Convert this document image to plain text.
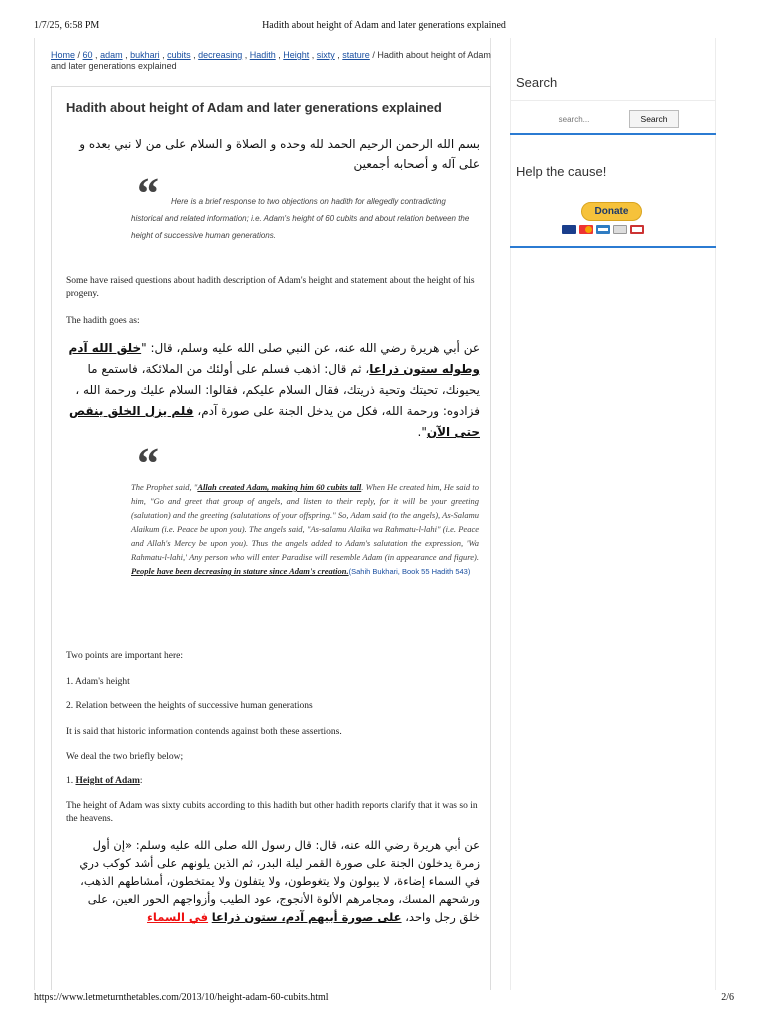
1/7/25, 6:58 PM	Hadith about height of Adam and later generations explained
Home / 60 , adam , bukhari , cubits , decreasing , Hadith , Height , sixty , stature / Hadith about height of Adam and later generations explained
Hadith about height of Adam and later generations explained
بسم الله الرحمن الرحيم الحمد لله وحده و الصلاة و السلام على من لا نبي بعده و على آله و أصحابه أجمعين
“	Here is a brief response to two objections on hadith for allegedly contradicting
historical and related information; i.e. Adam's height of 60 cubits and about relation between the
height of successive human generations.

Some have raised questions about hadith description of Adam's height and statement about the height of his progeny.

The hadith goes as:

عن أبي هريرة رضي الله عنه، عن النبي صلى الله عليه وسلم، قال: "خلق الله آدم وطوله ستون ذراعا، ثم قال: اذهب فسلم على أولئك من الملائكة، فاستمع ما يحيونك، تحيتك وتحية ذريتك، فقال السلام عليكم، فقالوا: السلام عليك ورحمة الله ، فزادوه: ورحمة الله، فكل من يدخل الجنة على صورة آدم، فلم يزل الخلق ينقص حتى الآن".
“
The Prophet said, "Allah created Adam, making him 60 cubits tall. When He created him, He said to him, "Go and greet that group of angels, and listen to their reply, for it will be your greeting (salutation) and the greeting (salutations of your offspring." So, Adam said (to the angels), As-Salamu Alaikum (i.e. Peace be upon you). The angels said, "As-salamu Alaika wa Rahmatu-l-lahi" (i.e. Peace and Allah's Mercy be upon you). Thus the angels added to Adam's salutation the expression, 'Wa Rahmatu-l-lahi,' Any person who will enter Paradise will resemble Adam (in appearance and figure). People have been decreasing in stature since Adam's creation.(Sahih Bukhari, Book 55 Hadith 543)

Two points are important here:

1. Adam's height

2. Relation between the heights of successive human generations

It is said that historic information contends against both these assertions.

We deal the two briefly below;

1. Height of Adam:

The height of Adam was sixty cubits according to this hadith but other hadith reports clarify that it was so in the heavens.

عن أبي هريرة رضي الله عنه، قال: قال رسول الله صلى الله عليه وسلم: «إن أول زمرة يدخلون الجنة على صورة القمر ليلة البدر، ثم الذين يلونهم على أشد كوكب دري في السماء إضاءة، لا يبولون ولا يتغوطون، ولا يتفلون ولا يمتخطون، أمشاطهم الذهب، ورشحهم المسك، ومجامرهم الألوة الأنجوج، عود الطيب وأزواجهم الحور العين، على خلق رجل واحد، على صورة أبيهم آدم، ستون ذراعا في السماء
Search
search...
Search
Help the cause!
Donate
https://www.letmeturnthetables.com/2013/10/height-adam-60-cubits.html	2/6
